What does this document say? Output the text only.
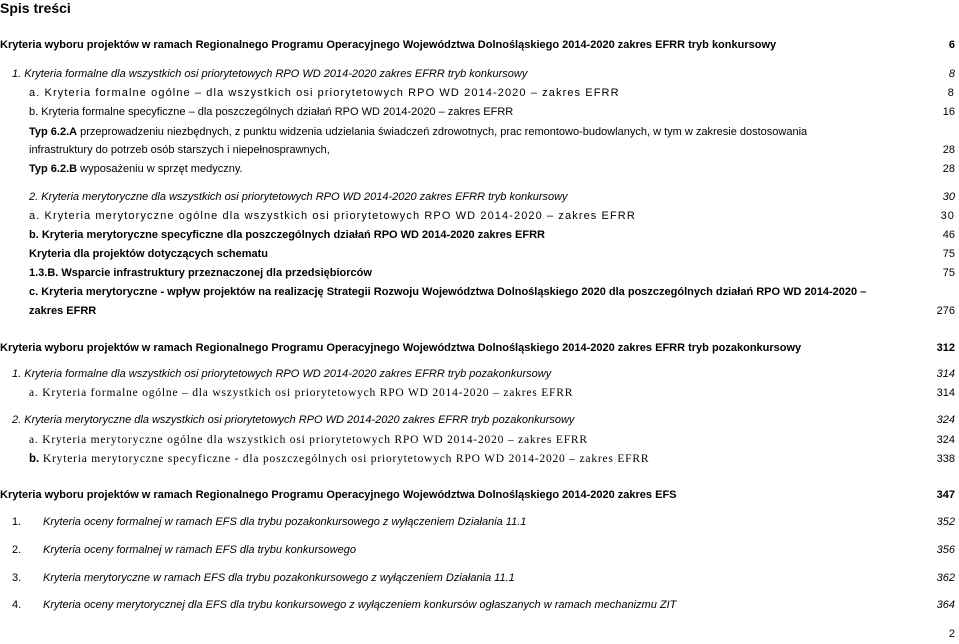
Spis treści
Kryteria wyboru projektów w ramach Regionalnego Programu Operacyjnego Województwa Dolnośląskiego 2014-2020 zakres EFRR tryb konkursowy	6
1. Kryteria formalne dla wszystkich osi priorytetowych RPO WD 2014-2020 zakres EFRR tryb konkursowy	8
a. Kryteria formalne ogólne – dla wszystkich osi priorytetowych RPO WD 2014-2020 – zakres EFRR	8
b. Kryteria formalne specyficzne – dla poszczególnych działań RPO WD 2014-2020 – zakres EFRR	16
Typ 6.2.A przeprowadzeniu niezbędnych, z punktu widzenia udzielania świadczeń zdrowotnych, prac remontowo-budowlanych, w tym w zakresie dostosowania
infrastruktury do potrzeb osób starszych i niepełnosprawnych,	28
Typ 6.2.B wyposażeniu w sprzęt medyczny.	28
2. Kryteria merytoryczne dla wszystkich osi priorytetowych RPO WD 2014-2020 zakres EFRR tryb konkursowy	30
a. Kryteria merytoryczne ogólne dla wszystkich osi priorytetowych RPO WD 2014-2020 – zakres EFRR	30
b. Kryteria merytoryczne specyficzne dla poszczególnych działań RPO WD 2014-2020 zakres EFRR	46
Kryteria dla projektów dotyczących schematu	75
1.3.B. Wsparcie infrastruktury przeznaczonej dla przedsiębiorców	75
c. Kryteria merytoryczne - wpływ projektów na realizację Strategii Rozwoju Województwa Dolnośląskiego 2020 dla poszczególnych działań RPO WD 2014-2020 –
zakres EFRR	276
Kryteria wyboru projektów w ramach Regionalnego Programu Operacyjnego Województwa Dolnośląskiego 2014-2020 zakres EFRR tryb pozakonkursowy	312
1. Kryteria formalne dla wszystkich osi priorytetowych RPO WD 2014-2020 zakres EFRR tryb pozakonkursowy	314
a. Kryteria formalne ogólne – dla wszystkich osi priorytetowych RPO WD 2014-2020 – zakres EFRR	314
2. Kryteria merytoryczne dla wszystkich osi priorytetowych RPO WD 2014-2020 zakres EFRR tryb pozakonkursowy	324
a. Kryteria merytoryczne ogólne dla wszystkich osi priorytetowych RPO WD 2014-2020 – zakres EFRR	324
b. Kryteria merytoryczne specyficzne - dla poszczególnych osi priorytetowych RPO WD 2014-2020 – zakres EFRR	338
Kryteria wyboru projektów w ramach Regionalnego Programu Operacyjnego Województwa Dolnośląskiego 2014-2020 zakres EFS	347
1. Kryteria oceny formalnej w ramach EFS dla trybu pozakonkursowego z wyłączeniem Działania 11.1	352
2. Kryteria oceny formalnej w ramach EFS dla trybu konkursowego	356
3. Kryteria merytoryczne w ramach EFS dla trybu pozakonkursowego z wyłączeniem Działania 11.1	362
4. Kryteria oceny merytorycznej dla EFS dla trybu konkursowego z wyłączeniem konkursów ogłaszanych w ramach mechanizmu ZIT	364
2
